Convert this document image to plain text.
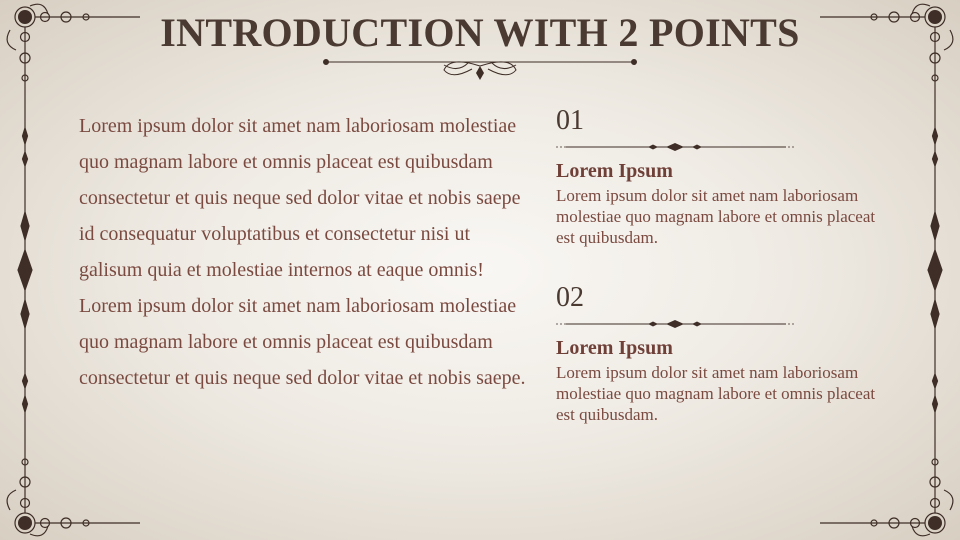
INTRODUCTION WITH 2 POINTS

Lorem ipsum dolor sit amet nam laboriosam molestiae quo magnam labore et omnis placeat est quibusdam consectetur et quis neque sed dolor vitae et nobis saepe id consequatur voluptatibus et consectetur nisi ut galisum quia et molestiae internos at eaque omnis! Lorem ipsum dolor sit amet nam laboriosam molestiae quo magnam labore et omnis placeat est quibusdam consectetur et quis neque sed dolor vitae et nobis saepe.

01
Lorem Ipsum
Lorem ipsum dolor sit amet nam laboriosam molestiae quo magnam labore et omnis placeat est quibusdam.
02
Lorem Ipsum
Lorem ipsum dolor sit amet nam laboriosam molestiae quo magnam labore et omnis placeat est quibusdam.
